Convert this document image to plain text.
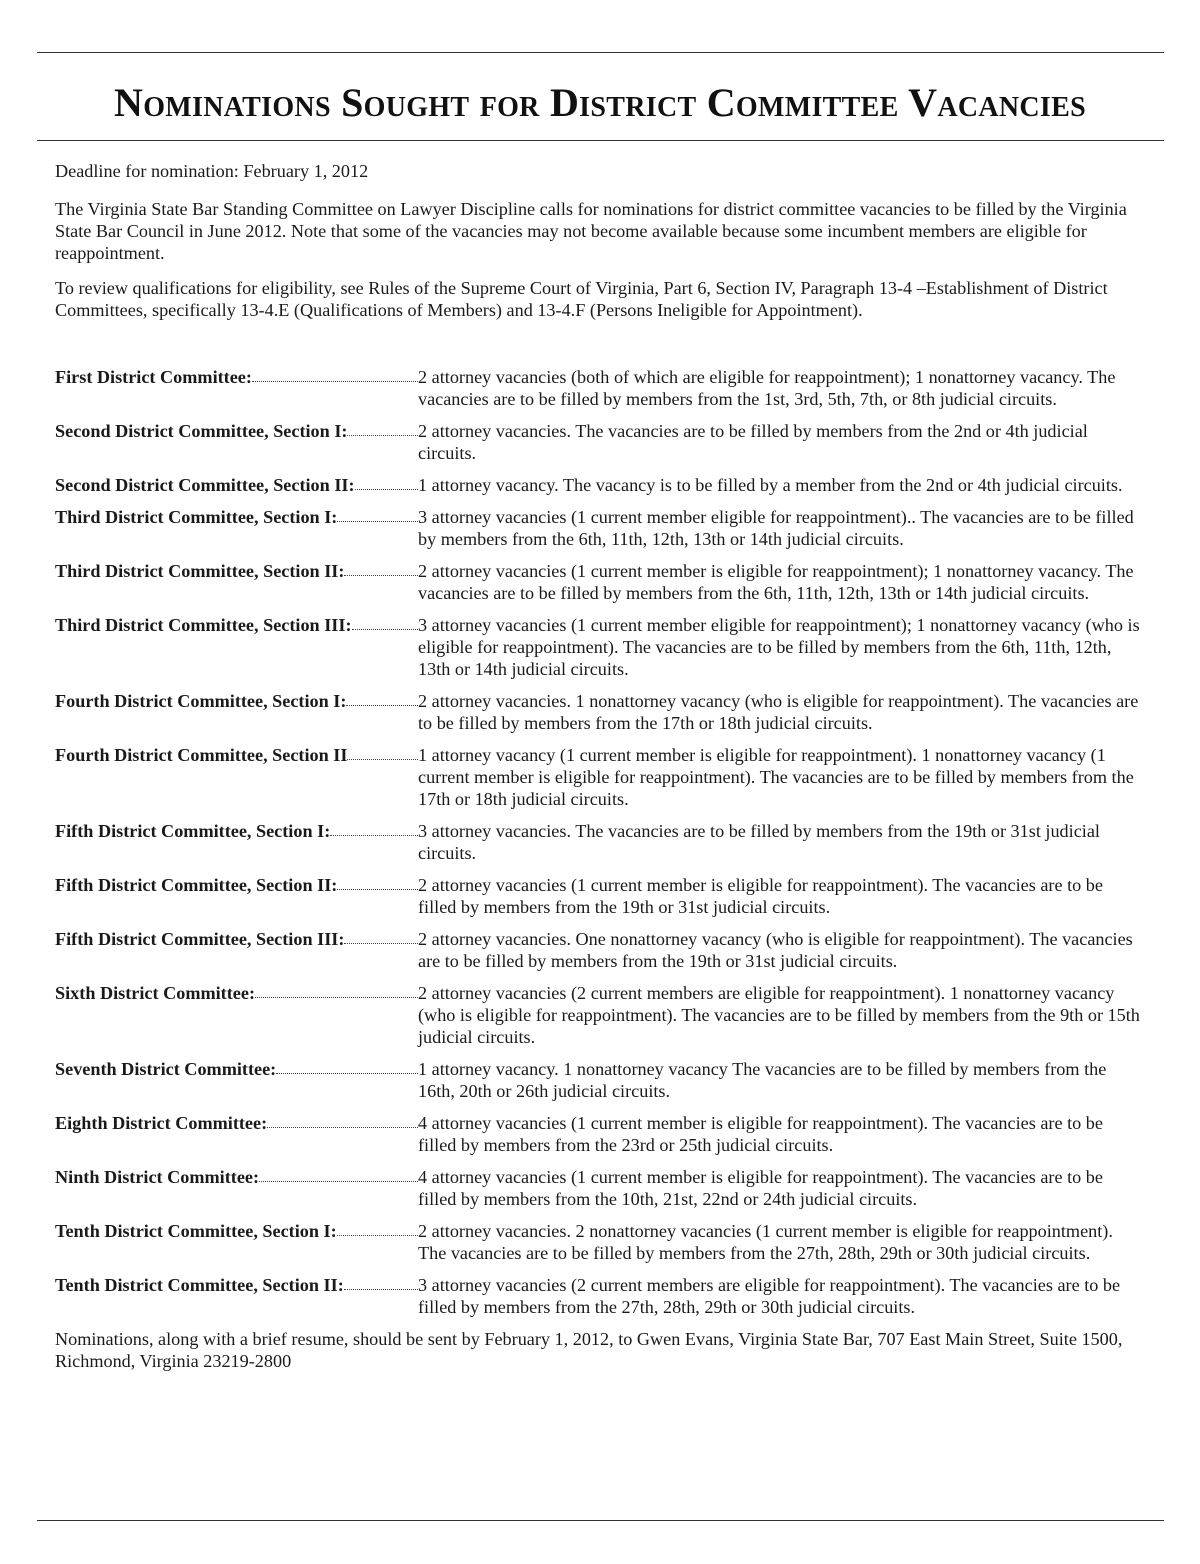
Nominations Sought for District Committee Vacancies

Deadline for nomination: February 1, 2012

The Virginia State Bar Standing Committee on Lawyer Discipline calls for nominations for district committee vacancies to be filled by the Virginia State Bar Council in June 2012. Note that some of the vacancies may not become available because some incumbent members are eligible for reappointment.

To review qualifications for eligibility, see Rules of the Supreme Court of Virginia, Part 6, Section IV, Paragraph 13-4 –Establishment of District Committees, specifically 13-4.E (Qualifications of Members) and 13-4.F (Persons Ineligible for Appointment).

First District Committee:	2 attorney vacancies (both of which are eligible for reappointment); 1 nonattorney vacancy. The vacancies are to be filled by members from the 1st, 3rd, 5th, 7th, or 8th judicial circuits.
Second District Committee, Section I:	2 attorney vacancies. The vacancies are to be filled by members from the 2nd or 4th judicial circuits.
Second District Committee, Section II:	1 attorney vacancy. The vacancy is to be filled by a member from the 2nd or 4th judicial circuits.
Third District Committee, Section I:	3 attorney vacancies (1 current member eligible for reappointment).. The vacancies are to be filled by members from the 6th, 11th, 12th, 13th or 14th judicial circuits.
Third District Committee, Section II:	2 attorney vacancies (1 current member is eligible for reappointment); 1 nonattorney vacancy. The vacancies are to be filled by members from the 6th, 11th, 12th, 13th or 14th judicial circuits.
Third District Committee, Section III:	3 attorney vacancies (1 current member eligible for reappointment); 1 nonattorney vacancy (who is eligible for reappointment). The vacancies are to be filled by members from the 6th, 11th, 12th, 13th or 14th judicial circuits.
Fourth District Committee, Section I:	2 attorney vacancies. 1 nonattorney vacancy (who is eligible for reappointment). The vacancies are to be filled by members from the 17th or 18th judicial circuits.
Fourth District Committee, Section II	1 attorney vacancy (1 current member is eligible for reappointment). 1 nonattorney vacancy (1 current member is eligible for reappointment). The vacancies are to be filled by members from the 17th or 18th judicial circuits.
Fifth District Committee, Section I:	3 attorney vacancies. The vacancies are to be filled by members from the 19th or 31st judicial circuits.
Fifth District Committee, Section II:	2 attorney vacancies (1 current member is eligible for reappointment). The vacancies are to be filled by members from the 19th or 31st judicial circuits.
Fifth District Committee, Section III:	2 attorney vacancies. One nonattorney vacancy (who is eligible for reappointment). The vacancies are to be filled by members from the 19th or 31st judicial circuits.
Sixth District Committee:	2 attorney vacancies (2 current members are eligible for reappointment). 1 nonattorney vacancy (who is eligible for reappointment). The vacancies are to be filled by members from the 9th or 15th judicial circuits.
Seventh District Committee:	1 attorney vacancy. 1 nonattorney vacancy The vacancies are to be filled by members from the 16th, 20th or 26th judicial circuits.
Eighth District Committee:	4 attorney vacancies (1 current member is eligible for reappointment). The vacancies are to be filled by members from the 23rd or 25th judicial circuits.
Ninth District Committee:	4 attorney vacancies (1 current member is eligible for reappointment). The vacancies are to be filled by members from the 10th, 21st, 22nd or 24th judicial circuits.
Tenth District Committee, Section I:	2 attorney vacancies. 2 nonattorney vacancies (1 current member is eligible for reappointment). The vacancies are to be filled by members from the 27th, 28th, 29th or 30th judicial circuits.
Tenth District Committee, Section II:	3 attorney vacancies (2 current members are eligible for reappointment). The vacancies are to be filled by members from the 27th, 28th, 29th or 30th judicial circuits.

Nominations, along with a brief resume, should be sent by February 1, 2012, to Gwen Evans, Virginia State Bar, 707 East Main Street, Suite 1500, Richmond, Virginia 23219-2800
